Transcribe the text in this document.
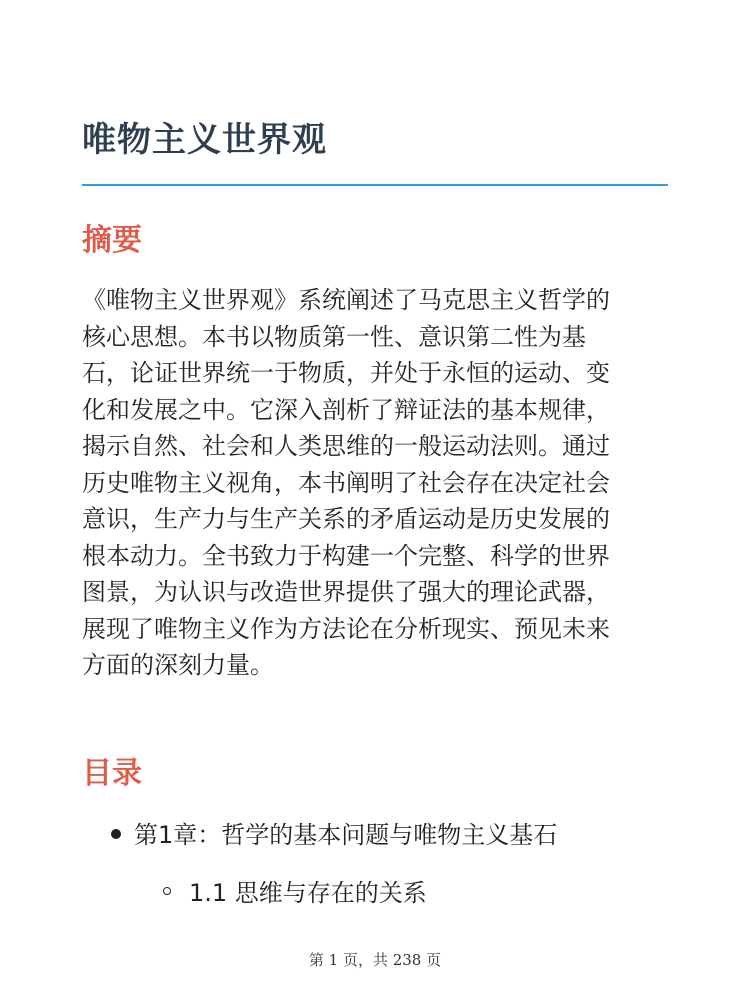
唯物主义世界观
摘要

《唯物主义世界观》系统阐述了马克思主义哲学的
核心思想。本书以物质第一性、意识第二性为基
石，论证世界统一于物质，并处于永恒的运动、变
化和发展之中。它深入剖析了辩证法的基本规律，
揭示自然、社会和人类思维的一般运动法则。通过
历史唯物主义视角，本书阐明了社会存在决定社会
意识，生产力与生产关系的矛盾运动是历史发展的
根本动力。全书致力于构建一个完整、科学的世界
图景，为认识与改造世界提供了强大的理论武器，
展现了唯物主义作为方法论在分析现实、预见未来
方面的深刻力量。

目录
第1章：哲学的基本问题与唯物主义基石
1.1 思维与存在的关系
第 1 页，共 238 页
